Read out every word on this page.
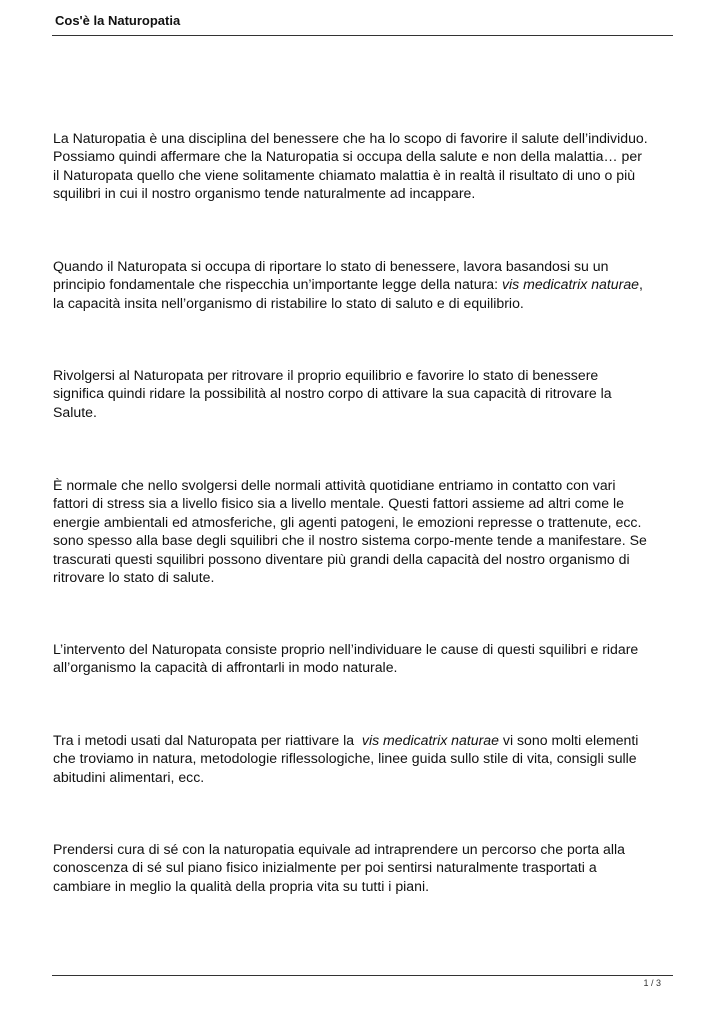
Cos'è la Naturopatia
La Naturopatia è una disciplina del benessere che ha lo scopo di favorire il salute dell’individuo.
Possiamo quindi affermare che la Naturopatia si occupa della salute e non della malattia… per
il Naturopata quello che viene solitamente chiamato malattia è in realtà il risultato di uno o più
squilibri in cui il nostro organismo tende naturalmente ad incappare.
Quando il Naturopata si occupa di riportare lo stato di benessere, lavora basandosi su un
principio fondamentale che rispecchia un’importante legge della natura: vis medicatrix naturae,
la capacità insita nell’organismo di ristabilire lo stato di saluto e di equilibrio.
Rivolgersi al Naturopata per ritrovare il proprio equilibrio e favorire lo stato di benessere
significa quindi ridare la possibilità al nostro corpo di attivare la sua capacità di ritrovare la
Salute.
È normale che nello svolgersi delle normali attività quotidiane entriamo in contatto con vari
fattori di stress sia a livello fisico sia a livello mentale. Questi fattori assieme ad altri come le
energie ambientali ed atmosferiche, gli agenti patogeni, le emozioni represse o trattenute, ecc.
sono spesso alla base degli squilibri che il nostro sistema corpo-mente tende a manifestare. Se
trascurati questi squilibri possono diventare più grandi della capacità del nostro organismo di
ritrovare lo stato di salute.
L’intervento del Naturopata consiste proprio nell’individuare le cause di questi squilibri e ridare
all’organismo la capacità di affrontarli in modo naturale.
Tra i metodi usati dal Naturopata per riattivare la  vis medicatrix naturae vi sono molti elementi
che troviamo in natura, metodologie riflessologiche, linee guida sullo stile di vita, consigli sulle
abitudini alimentari, ecc.
Prendersi cura di sé con la naturopatia equivale ad intraprendere un percorso che porta alla
conoscenza di sé sul piano fisico inizialmente per poi sentirsi naturalmente trasportati a
cambiare in meglio la qualità della propria vita su tutti i piani.
1 / 3
